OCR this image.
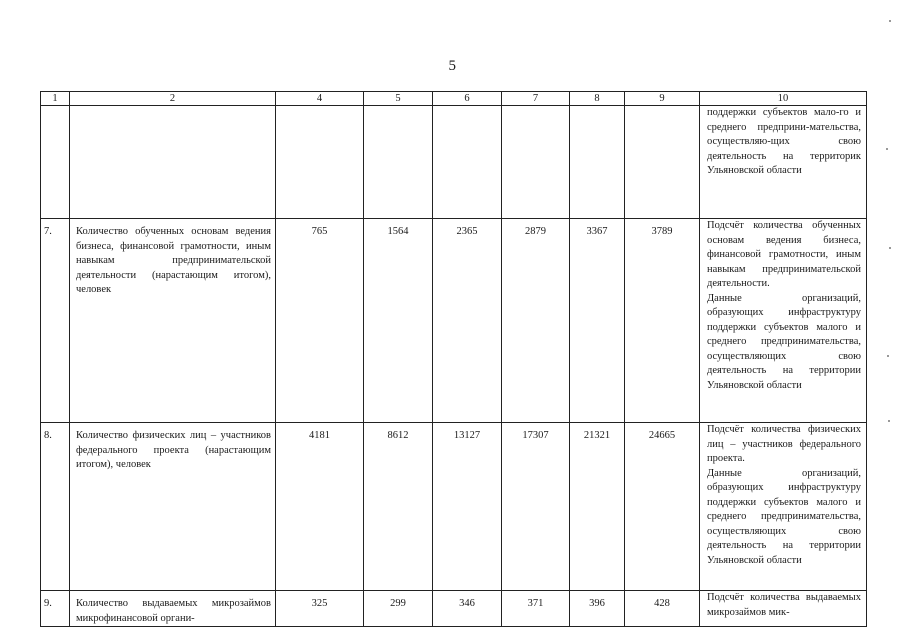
5
1	2	4	5	6	7	8	9	10

								поддержки субъектов мало-го и среднего предприни-мательства, осуществляю-щих свою деятельность на территорик Ульяновской области

7.	Количество обученных основам ведения бизнеса, финансовой грамотности, иным навыкам предпринимательской деятельности (нарастающим итогом), человек	765	1564	2365	2879	3367	3789	Подсчёт количества обученных основам ведения бизнеса, финансовой грамотности, иным навыкам предпринимательской деятельности.

Данные организаций, образующих инфраструктуру поддержки субъектов малого и среднего предпринимательства, осуществляющих свою деятельность на территории Ульяновской области

8.	Количество физических лиц – участников федерального проекта (нарастающим итогом), человек	4181	8612	13127	17307	21321	24665	Подсчёт количества физических лиц – участников федерального проекта.

Данные организаций, образующих инфраструктуру поддержки субъектов малого и среднего предпринимательства, осуществляющих свою деятельность на территории Ульяновской области

9.	Количество выдаваемых микрозаймов микрофинансовой органи-	325	299	346	371	396	428	Подсчёт количества выдаваемых микрозаймов мик-
